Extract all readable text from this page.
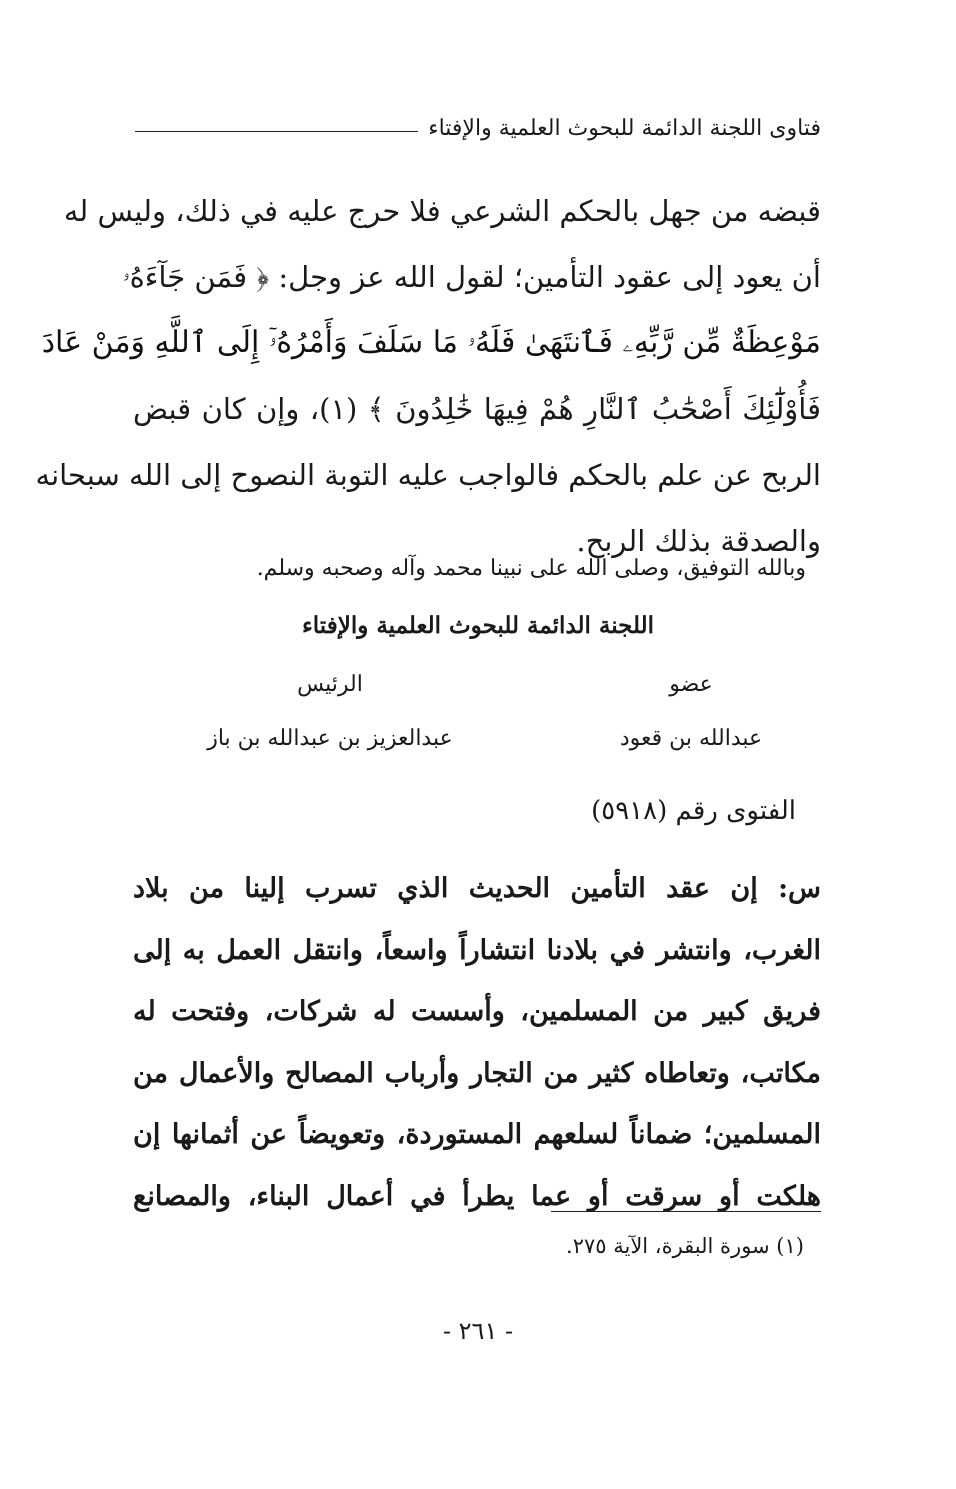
فتاوى اللجنة الدائمة للبحوث العلمية والإفتاء
قبضه من جهل بالحكم الشرعي فلا حرج عليه في ذلك، وليس له
أن يعود إلى عقود التأمين؛ لقول الله عز وجل: ﴿ فَمَن جَآءَهُۥ
مَوْعِظَةٌ مِّن رَّبِّهِۦ فَٱنتَهَىٰ فَلَهُۥ مَا سَلَفَ وَأَمْرُهُۥٓ إِلَى ٱللَّهِ وَمَنْ عَادَ
فَأُوْلَٰٓئِكَ أَصْحَٰبُ ٱلنَّارِ هُمْ فِيهَا خَٰلِدُونَ ﴾ (١)، وإن كان قبض
الربح عن علم بالحكم فالواجب عليه التوبة النصوح إلى الله سبحانه
والصدقة بذلك الربح.
وبالله التوفيق، وصلى الله على نبينا محمد وآله وصحبه وسلم.
اللجنة الدائمة للبحوث العلمية والإفتاء
عضو
الرئيس
عبدالله بن قعود
عبدالعزيز بن عبدالله بن باز
الفتوى رقم (٥٩١٨)
س: إن عقد التأمين الحديث الذي تسرب إلينا من بلاد
الغرب، وانتشر في بلادنا انتشاراً واسعاً، وانتقل العمل به إلى
فريق كبير من المسلمين، وأسست له شركات، وفتحت له
مكاتب، وتعاطاه كثير من التجار وأرباب المصالح والأعمال من
المسلمين؛ ضماناً لسلعهم المستوردة، وتعويضاً عن أثمانها إن
هلكت أو سرقت أو عما يطرأ في أعمال البناء، والمصانع
(١) سورة البقرة، الآية ٢٧٥.
- ٢٦١ -
